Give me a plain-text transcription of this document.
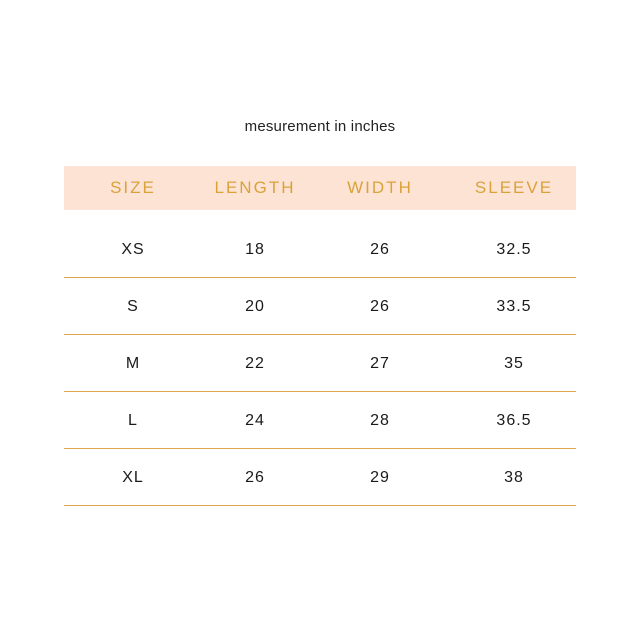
mesurement in inches
SIZE	LENGTH	WIDTH	SLEEVE
XS	18	26	32.5
S	20	26	33.5
M	22	27	35
L	24	28	36.5
XL	26	29	38
